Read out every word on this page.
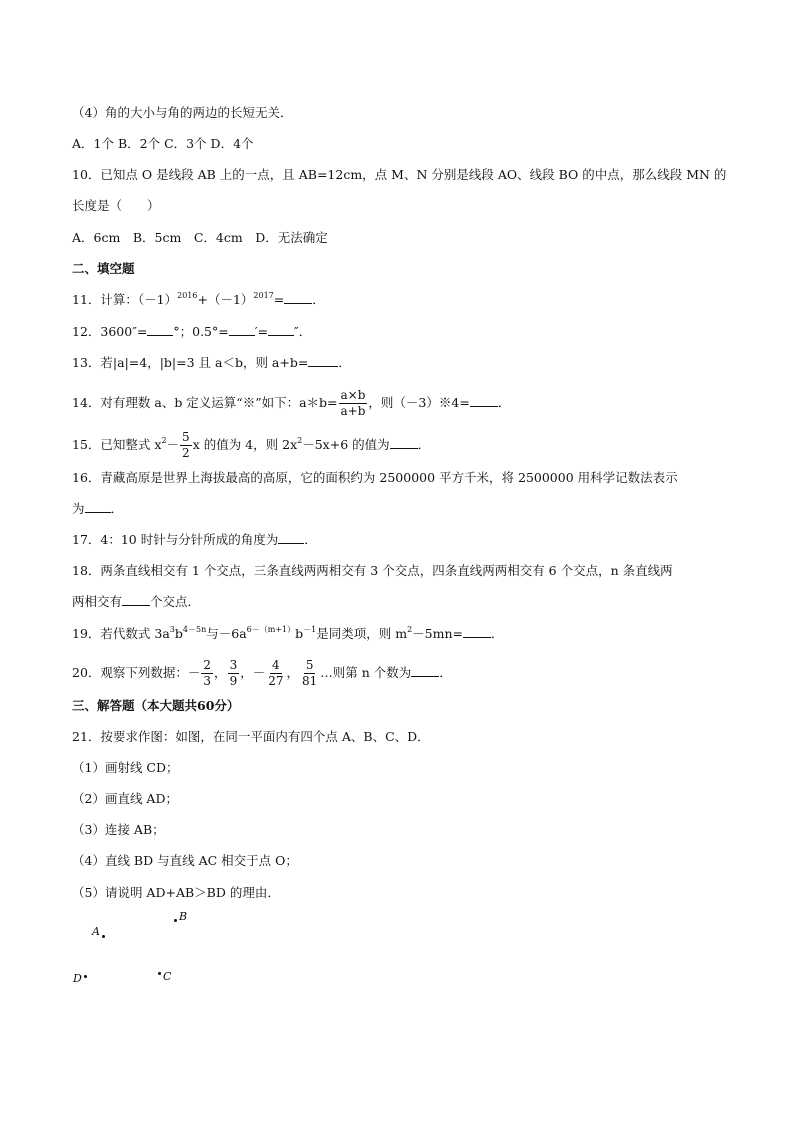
（4）角的大小与角的两边的长短无关．
A．1个 B．2个 C．3个 D．4个
10．已知点 O 是线段 AB 上的一点，且 AB=12cm，点 M、N 分别是线段 AO、线段 BO 的中点，那么线段 MN 的
长度是（　　）
A．6cm　B．5cm　C．4cm　D．无法确定
二、填空题
11．计算：$(-1)^{2016}+(-1)^{2017}=$ ．
12．3600″= °；0.5°= ′= ″．
13．若|a|=4，|b|=3 且 a＜b，则 a+b= ．
14．对有理数 a、b 定义运算“※”如下：a＊b= $\frac{a\times b}{a+b}$ ，则（－3）※4= ．
15．已知整式 $x^2- \frac{5}{2}$ x 的值为 4，则 $2x^2-5x+6$ 的值为 ．
16．青藏高原是世界上海拔最高的高原，它的面积约为 2500000 平方千米，将 2500000 用科学记数法表示
为 ．
17．4：10 时针与分针所成的角度为 ．
18．两条直线相交有 1 个交点，三条直线两两相交有 3 个交点，四条直线两两相交有 6 个交点，n 条直线两
两相交有 个交点．
19．若代数式 $3a^3b^{4-5n}$与$-6a^{6-(m+1)}b^{-1}$是同类项，则 $m^2-5mn=$ ．
20．观察下列数据：－ $\frac{2}{3}$ ， $\frac{3}{9}$ ，－ $\frac{4}{27}$ ， $\frac{5}{81}$ …则第 n 个数为 ．
三、解答题（本大题共60分）
21．按要求作图：如图，在同一平面内有四个点 A、B、C、D．
（1）画射线 CD；
（2）画直线 AD；
（3）连接 AB；
（4）直线 BD 与直线 AC 相交于点 O；
（5）请说明 AD+AB＞BD 的理由．
A
B
D	C
